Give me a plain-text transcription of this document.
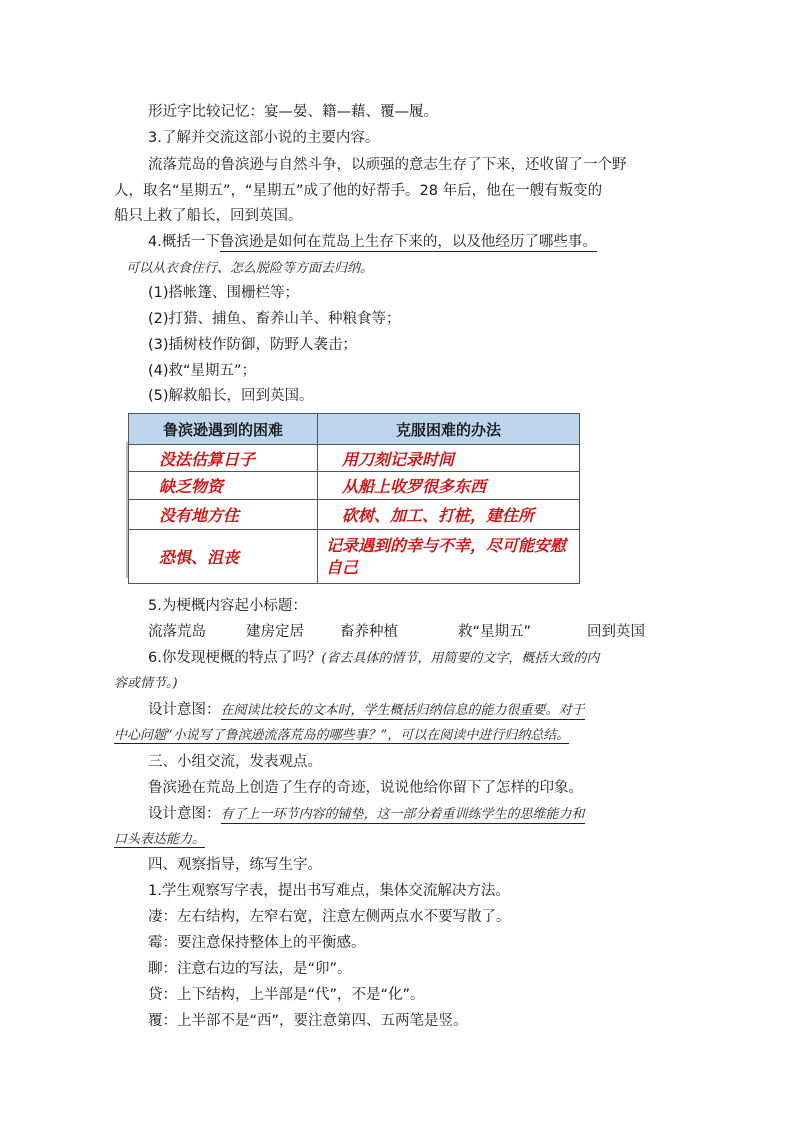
形近字比较记忆：宴—晏、籍—藉、覆—履。
3.了解并交流这部小说的主要内容。
流落荒岛的鲁滨逊与自然斗争，以顽强的意志生存了下来，还收留了一个野
人，取名“星期五”，“星期五”成了他的好帮手。28 年后，他在一艘有叛变的
船只上救了船长，回到英国。
4.概括一下鲁滨逊是如何在荒岛上生存下来的，以及他经历了哪些事。
可以从衣食住行、怎么脱险等方面去归纳。
(1)搭帐篷、围栅栏等；
(2)打猎、捕鱼、畜养山羊、种粮食等；
(3)插树枝作防御，防野人袭击；
(4)救“星期五”；
(5)解救船长，回到英国。
鲁滨逊遇到的困难	克服困难的办法
没法估算日子	用刀刻记录时间
缺乏物资	从船上收罗很多东西
没有地方住	砍树、加工、打桩，建住所
恐惧、沮丧	记录遇到的幸与不幸，尽可能安慰自己
5.为梗概内容起小标题：
流落荒岛	建房定居 畜养种植	救“星期五”	回到英国
6.你发现梗概的特点了吗？(省去具体的情节，用简要的文字，概括大致的内
容或情节。)
设计意图：在阅读比较长的文本时，学生概括归纳信息的能力很重要。对于
中心问题“小说写了鲁滨逊流落荒岛的哪些事？”，可以在阅读中进行归纳总结。
三、小组交流，发表观点。
鲁滨逊在荒岛上创造了生存的奇迹，说说他给你留下了怎样的印象。
设计意图：有了上一环节内容的铺垫，这一部分着重训练学生的思维能力和
口头表达能力。
四、观察指导，练写生字。
1.学生观察写字表，提出书写难点，集体交流解决方法。
凄：左右结构，左窄右宽，注意左侧两点水不要写散了。
霉：要注意保持整体上的平衡感。
聊：注意右边的写法，是“卯”。
贷：上下结构，上半部是“代”，不是“化”。
覆：上半部不是“西”，要注意第四、五两笔是竖。
